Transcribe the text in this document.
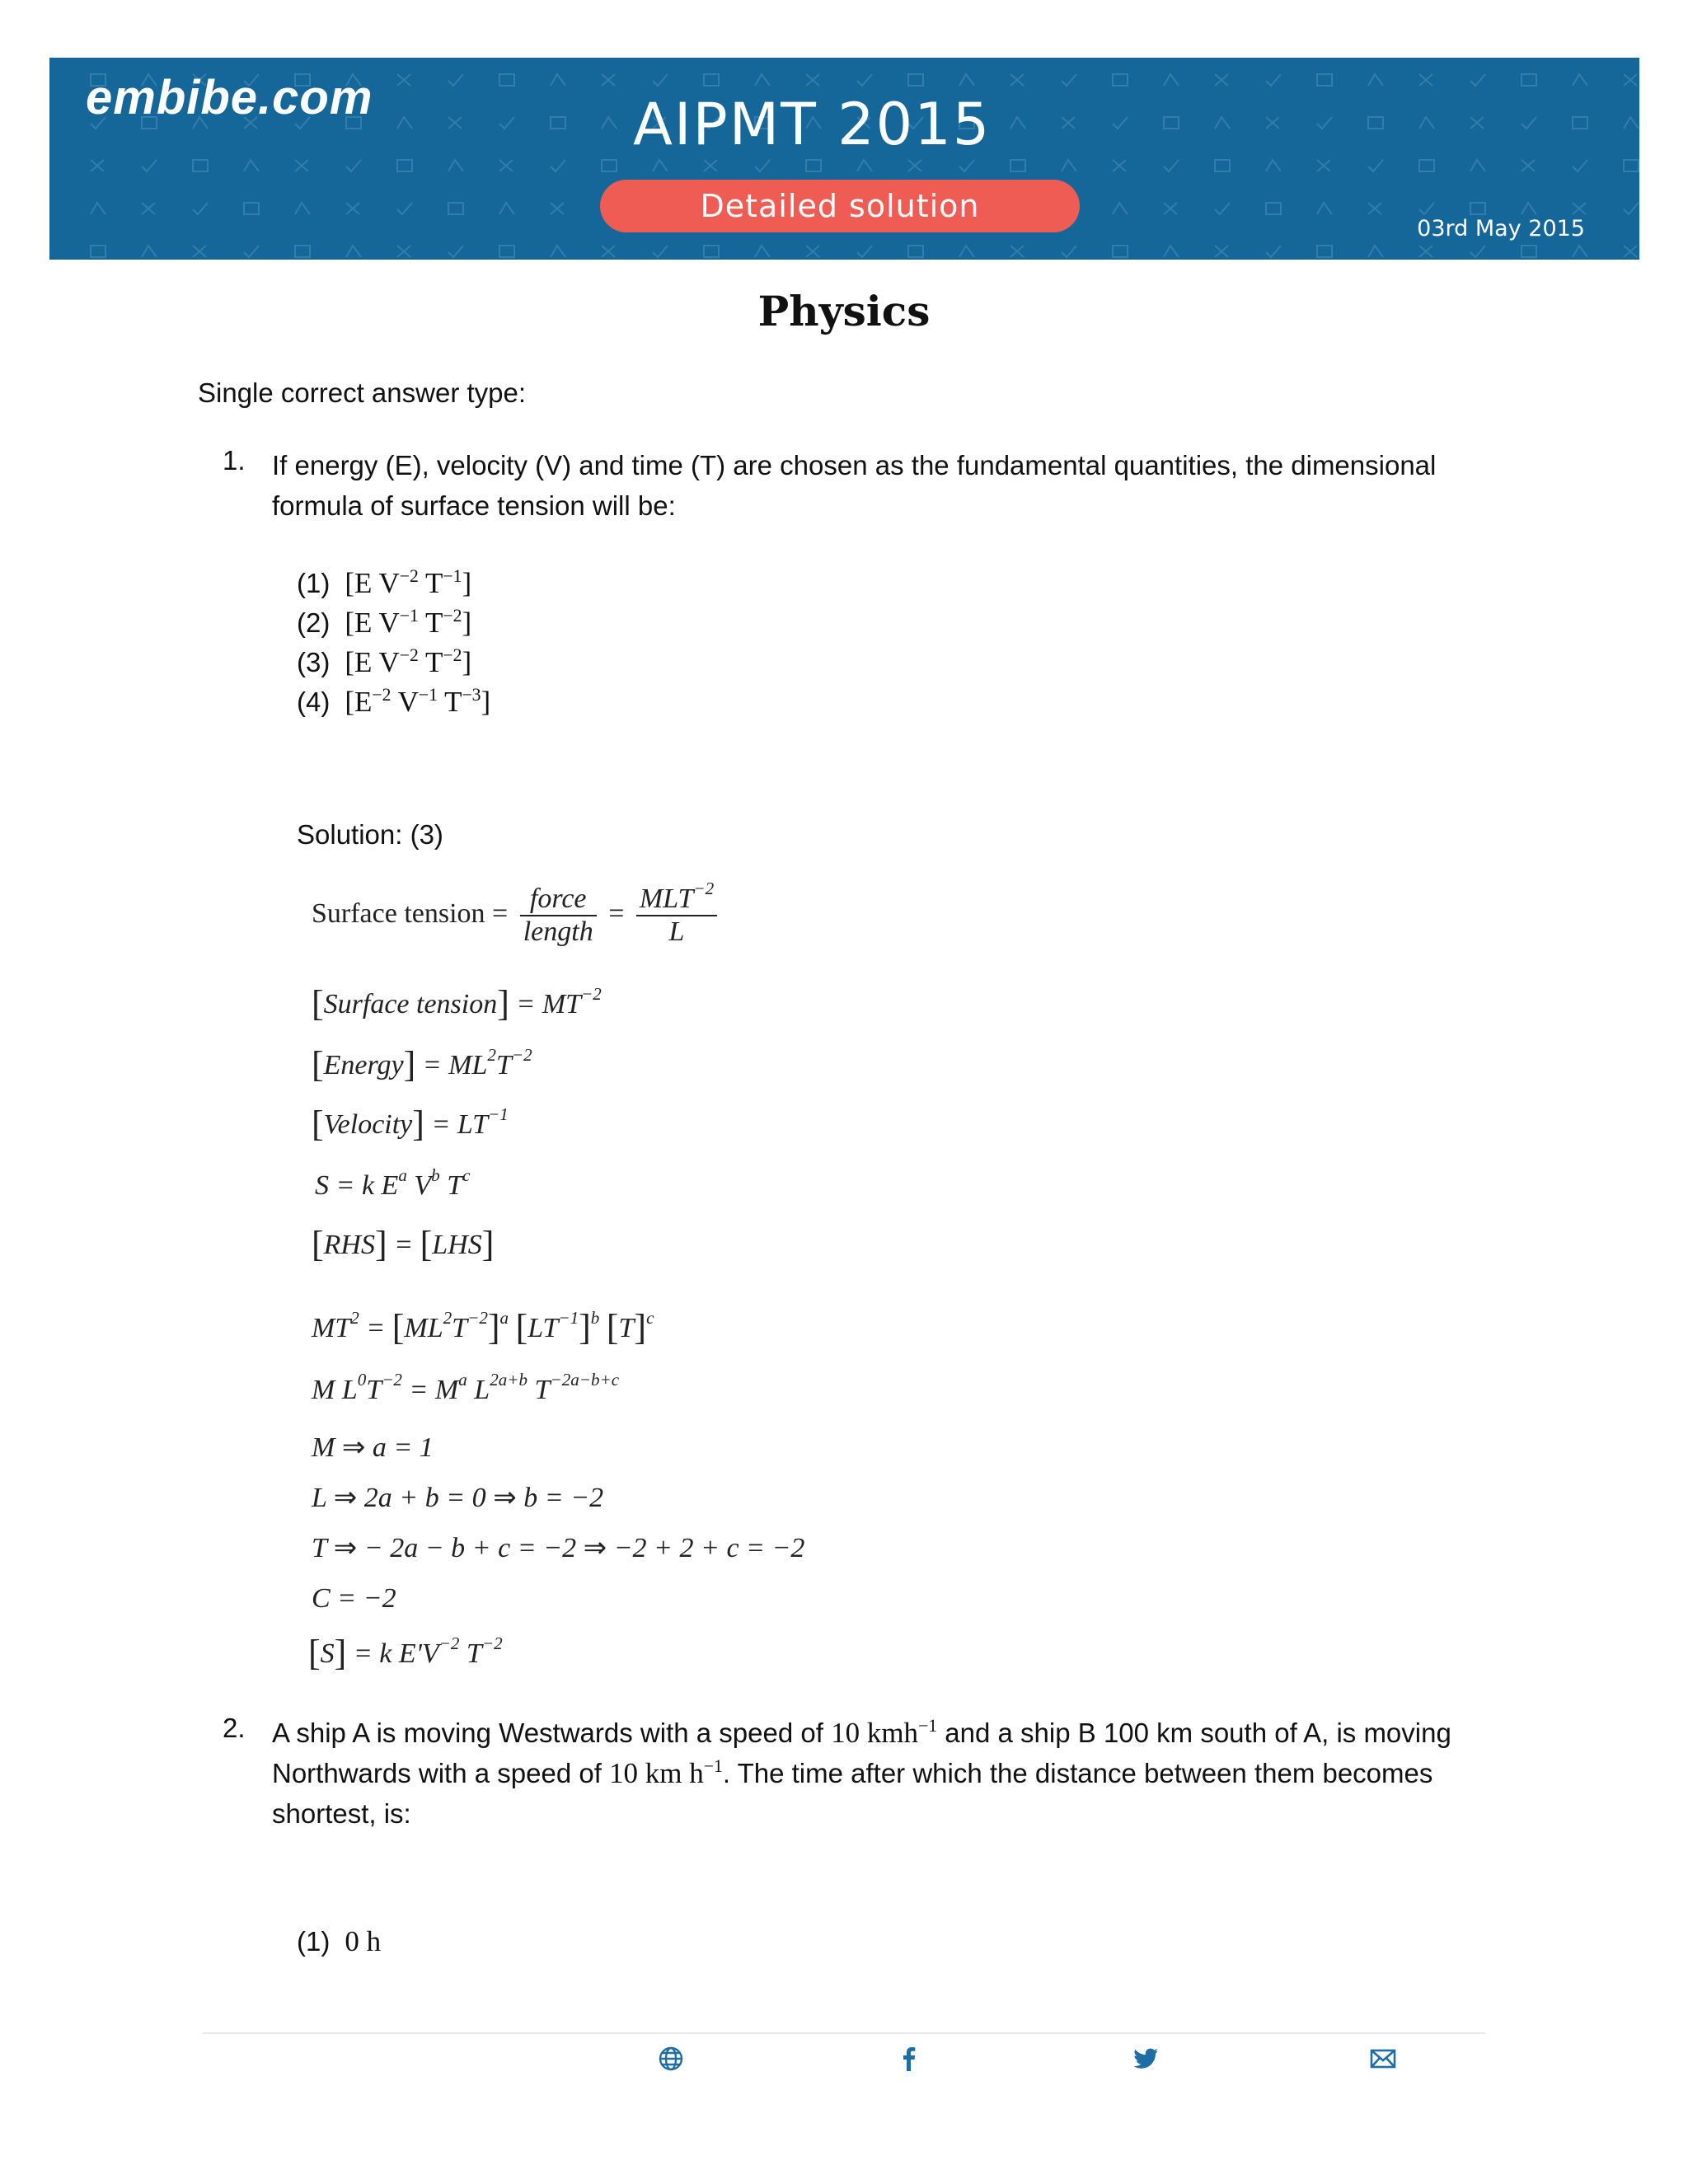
embibe.com	AIPMT 2015
Detailed solution
03rd May 2015
Physics
Single correct answer type:
1. If energy (E), velocity (V) and time (T) are chosen as the fundamental quantities, the dimensional
formula of surface tension will be:
(1) [E $V^{-2}$ $T^{-1}$]
(2) [E $V^{-1}$ $T^{-2}$]
(3) [E $V^{-2}$ $T^{-2}$]
(4) [$E^{-2}$ $V^{-1}$ $T^{-3}$]
Solution: (3)
Surface tension = $\frac{\text{force}}{\text{length}} = \frac{MLT^{-2}}{L}$
[Surface tension] = $MT^{-2}$
[Energy] = $ML^2T^{-2}$
[Velocity] = $LT^{-1}$
S = k $E^a$ $V^b$ $T^c$
[RHS] = [LHS]
$MT^2 = [ML^2T^{-2}]^a$ $[LT^{-1}]^b$ $[T]^c$
M $L^0T^{-2} = M^a$ $L^{2a+b}$ $T^{-2a-b+c}$
M ⇒ a = 1
L ⇒ 2a + b = 0 ⇒ b = −2
T ⇒ − 2a − b + c = −2 ⇒ −2 + 2 + c = −2
C = −2
[S] = k $E'V^{-2}$ $T^{-2}$
2. A ship A is moving Westwards with a speed of 10 kmh$^{-1}$ and a ship B 100 km south of A, is moving
Northwards with a speed of 10 km $h^{-1}$. The time after which the distance between them becomes
shortest, is:
(1) 0 h
